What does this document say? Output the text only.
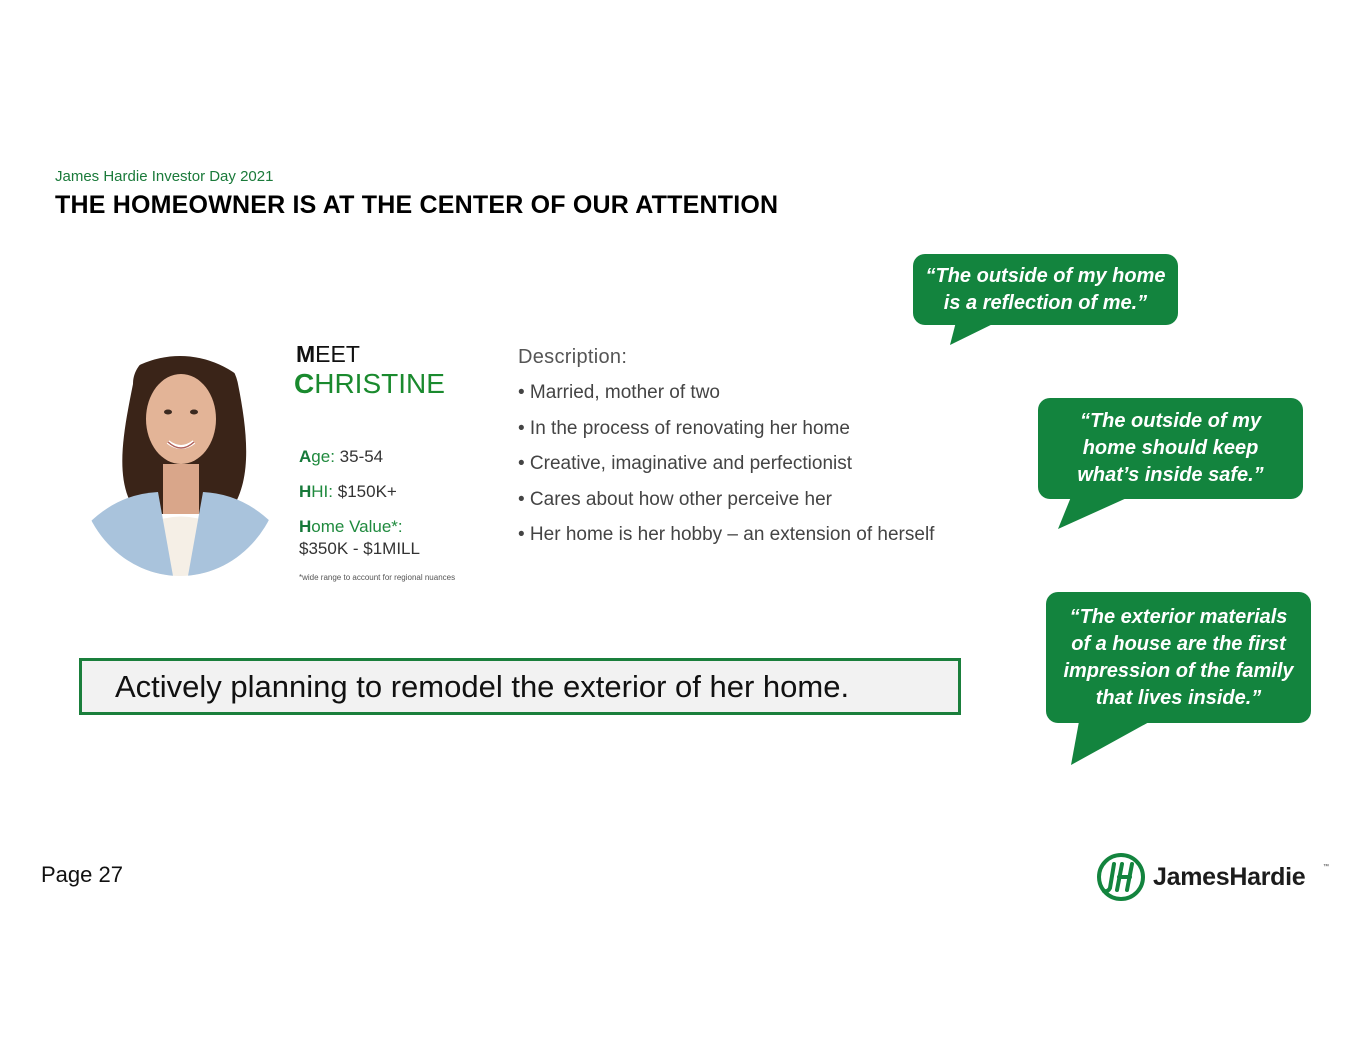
James Hardie Investor Day 2021
THE HOMEOWNER IS AT THE CENTER OF OUR ATTENTION
MEET
CHRISTINE
Age: 35-54
HHI: $150K+
Home Value*:
$350K - $1MILL
*wide range to account for regional nuances
Description:
• Married, mother of two
• In the process of renovating her home
• Creative, imaginative and perfectionist
• Cares about how other perceive her
• Her home is her hobby – an extension of herself
Actively planning to remodel the exterior of her home.
“The outside of my home
is a reflection of me.”
“The outside of my
home should keep
what’s inside safe.”
“The exterior materials
of a house are the first
impression of the family
that lives inside.”
Page 27	JamesHardie	™
